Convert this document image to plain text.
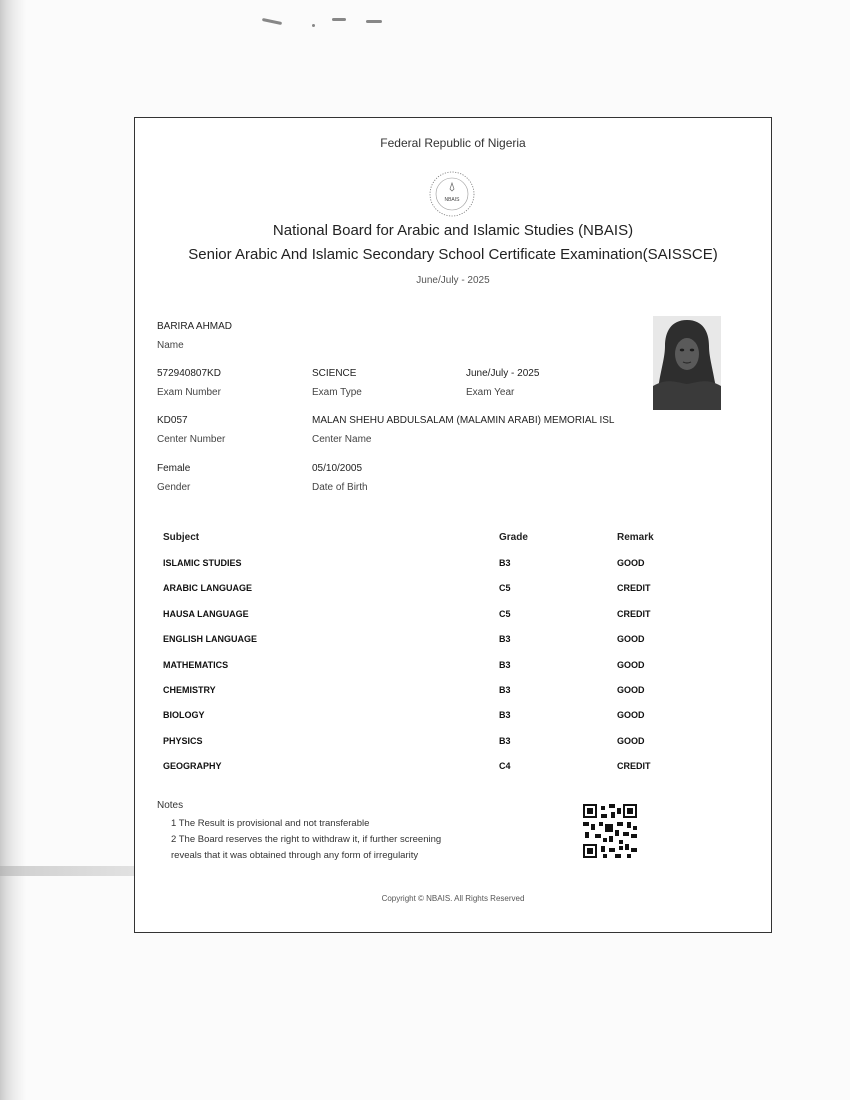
Federal Republic of Nigeria
NBAIS
National Board for Arabic and Islamic Studies (NBAIS)
Senior Arabic And Islamic Secondary School Certificate Examination(SAISSCE)
June/July - 2025
BARIRA AHMAD
Name
572940807KD
Exam Number
SCIENCE
Exam Type
June/July - 2025
Exam Year
KD057
Center Number
MALAN SHEHU ABDULSALAM (MALAMIN ARABI) MEMORIAL ISL
Center Name
Female
Gender
05/10/2005
Date of Birth
Subject	Grade	Remark
ISLAMIC STUDIES	B3	GOOD
ARABIC LANGUAGE	C5	CREDIT
HAUSA LANGUAGE	C5	CREDIT
ENGLISH LANGUAGE	B3	GOOD
MATHEMATICS	B3	GOOD
CHEMISTRY	B3	GOOD
BIOLOGY	B3	GOOD
PHYSICS	B3	GOOD
GEOGRAPHY	C4	CREDIT
Notes
1 The Result is provisional and not transferable
2 The Board reserves the right to withdraw it, if further screening reveals that it was obtained through any form of irregularity
Copyright © NBAIS. All Rights Reserved
